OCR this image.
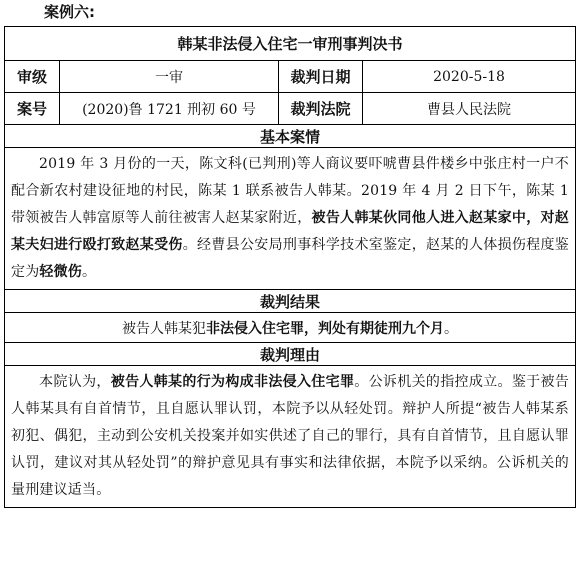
案例六:
韩某非法侵入住宅一审刑事判决书			
审级	一审	裁判日期	2020-5-18
案号	(2020)鲁 1721 刑初 60 号	裁判法院	曹县人民法院
基本案情			
2019 年 3 月份的一天，陈文科(已判刑)等人商议要吓唬曹县件楼乡中张庄村一户不配合新农村建设征地的村民，陈某 1 联系被告人韩某。2019 年 4 月 2 日下午，陈某 1 带领被告人韩富原等人前往被害人赵某家附近，被告人韩某伙同他人进入赵某家中，对赵某夫妇进行殴打致赵某受伤。经曹县公安局刑事科学技术室鉴定，赵某的人体损伤程度鉴定为轻微伤。			
裁判结果			
被告人韩某犯非法侵入住宅罪，判处有期徒刑九个月。			
裁判理由			
本院认为，被告人韩某的行为构成非法侵入住宅罪。公诉机关的指控成立。鉴于被告人韩某具有自首情节，且自愿认罪认罚，本院予以从轻处罚。辩护人所提“被告人韩某系初犯、偶犯，主动到公安机关投案并如实供述了自己的罪行，具有自首情节，且自愿认罪认罚，建议对其从轻处罚”的辩护意见具有事实和法律依据，本院予以采纳。公诉机关的量刑建议适当。			
